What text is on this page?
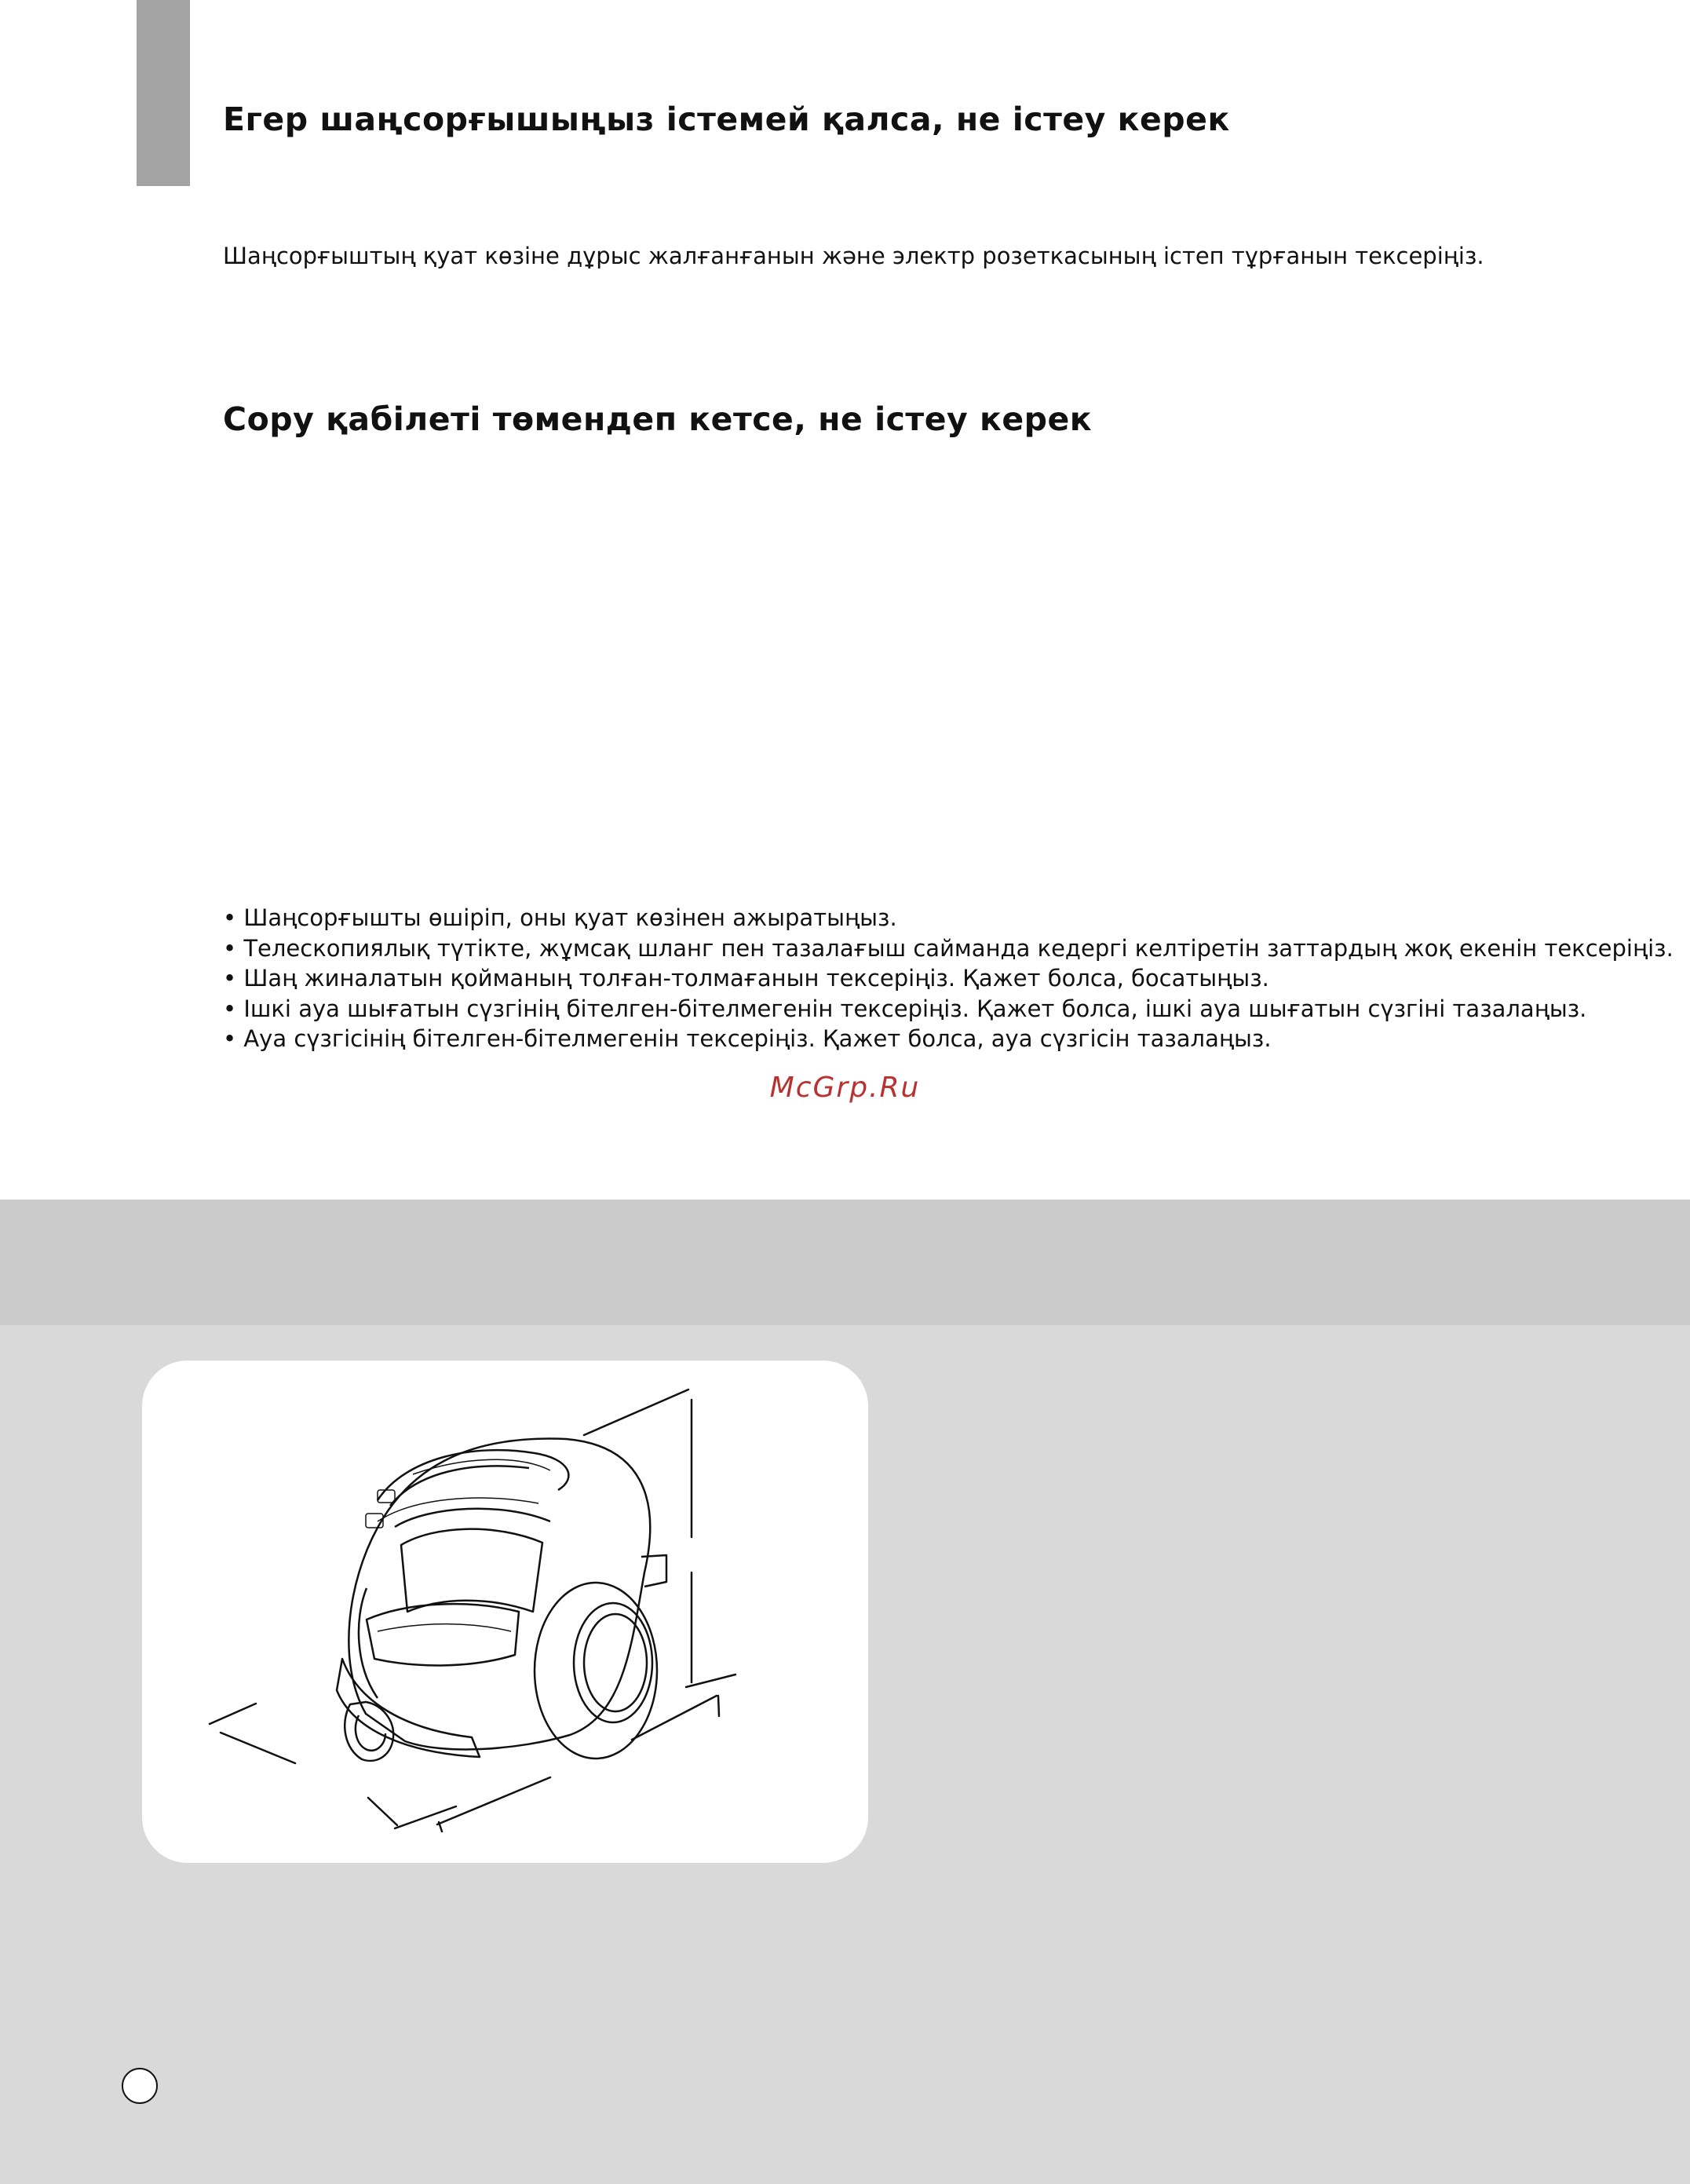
Егер шаңсорғышыңыз істемей қалса, не істеу керек

Шаңсорғыштың қуат көзіне дұрыс жалғанғанын және электр розеткасының істеп тұрғанын тексеріңіз.

Сору қабілеті төмендеп кетсе, не істеу керек
• Шаңсорғышты өшіріп, оны қуат көзінен ажыратыңыз.
• Телескопиялық түтікте, жұмсақ шланг пен тазалағыш сайманда кедергі келтіретін заттардың жоқ екенін тексеріңіз.
• Шаң жиналатын қойманың толған-толмағанын тексеріңіз. Қажет болса, босатыңыз.
• Ішкі ауа шығатын сүзгінің бітелген-бітелмегенін тексеріңіз. Қажет болса, ішкі ауа шығатын сүзгіні тазалаңыз.
• Ауа сүзгісінің бітелген-бітелмегенін тексеріңіз. Қажет болса, ауа сүзгісін тазалаңыз.
McGrp.Ru
